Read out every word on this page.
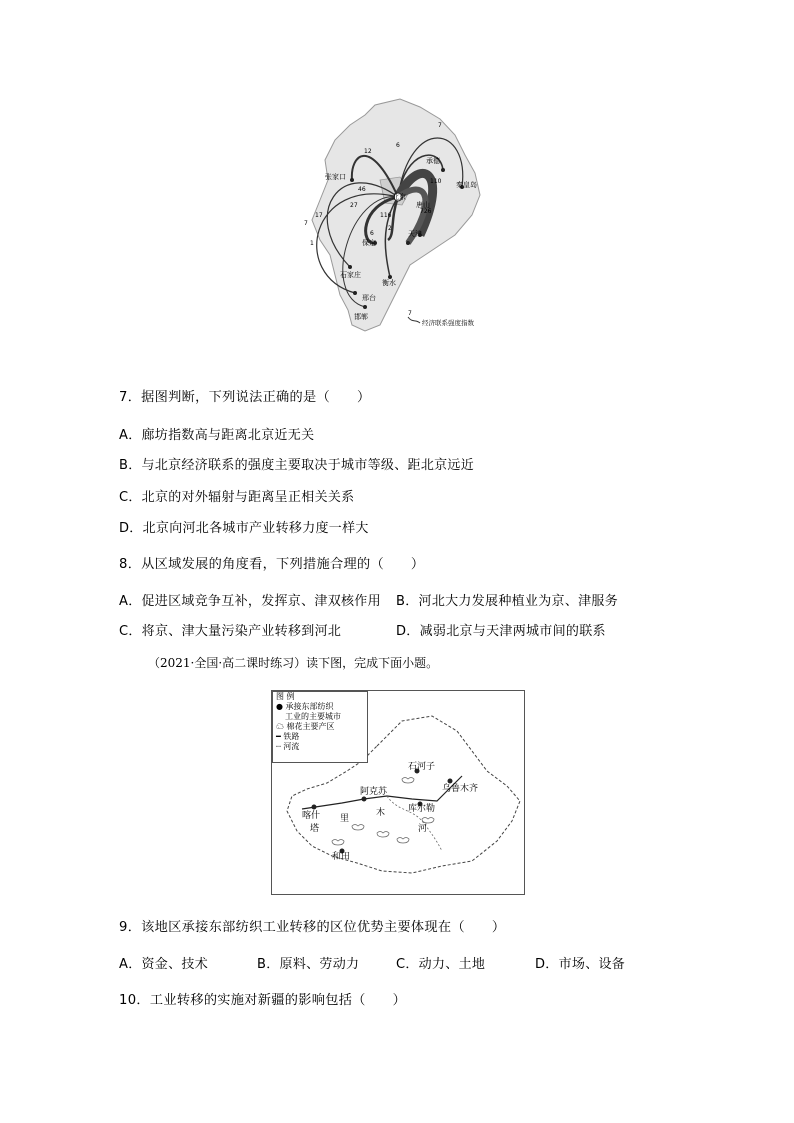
北京
天津
唐山
承德
秦皇岛
张家口
保定
石家庄
衡水
邢台
邯郸
7
6
12
110
46
27
726
116
7
17
1
2
6
7
经济联系强度指数
7．据图判断，下列说法正确的是（　　）
A．廊坊指数高与距离北京近无关
B．与北京经济联系的强度主要取决于城市等级、距北京远近
C．北京的对外辐射与距离呈正相关关系
D．北京向河北各城市产业转移力度一样大
8．从区域发展的角度看，下列措施合理的（　　）
A．促进区域竞争互补，发挥京、津双核作用 B．河北大力发展种植业为京、津服务
C．将京、津大量污染产业转移到河北	D．减弱北京与天津两城市间的联系
（2021·全国·高二课时练习）读下图，完成下面小题。
石河子
乌鲁木齐
阿克苏
库尔勒
喀什
和田
塔
里
木
河
图 例
● 承接东部纺织
工业的主要城市
☁ 棉花主要产区
━ 铁路
┈ 河流
9．该地区承接东部纺织工业转移的区位优势主要体现在（　　）
A．资金、技术	B．原料、劳动力	C．动力、土地	D．市场、设备
10．工业转移的实施对新疆的影响包括（　　）
